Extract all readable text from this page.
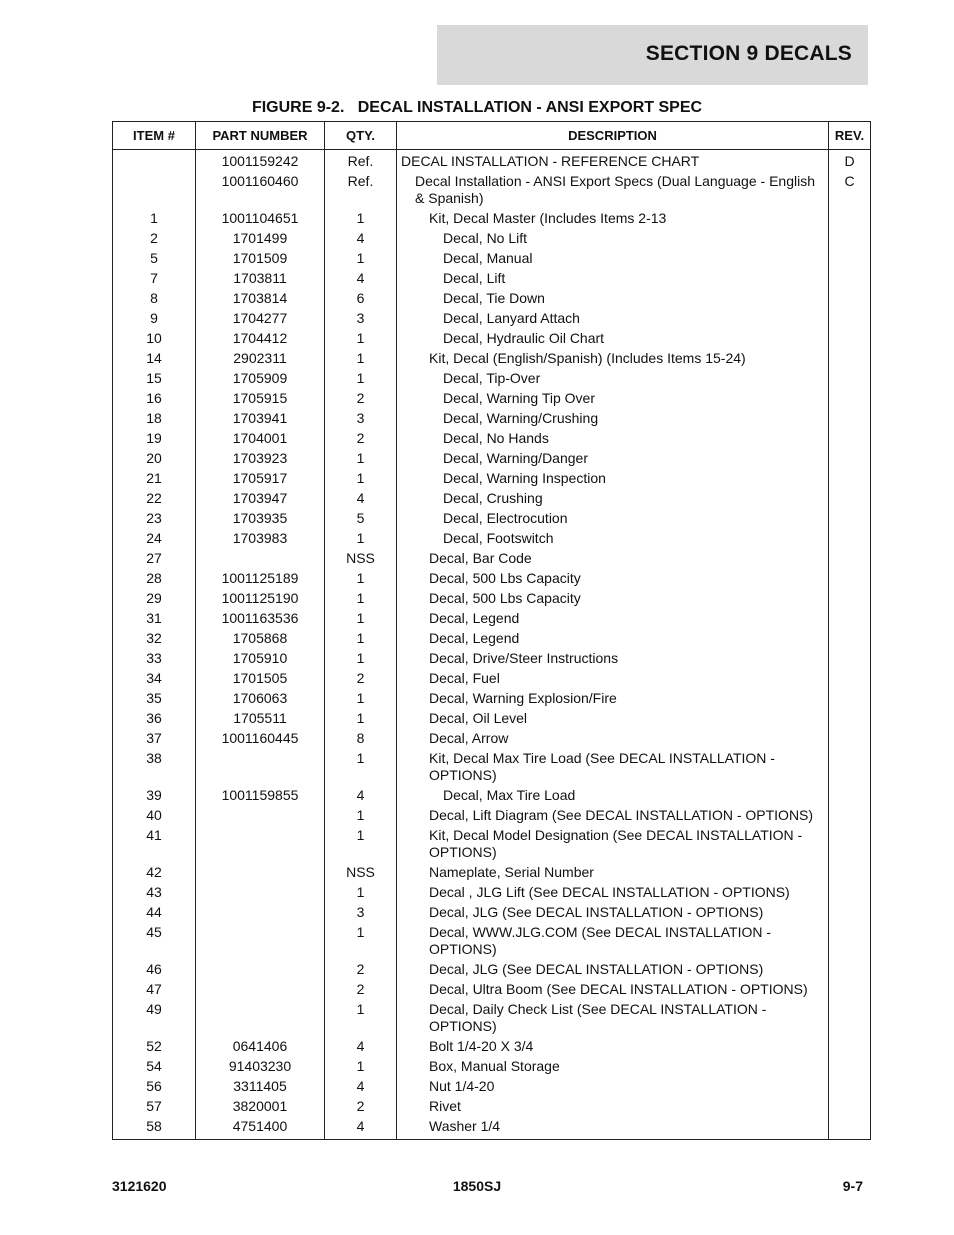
SECTION 9 DECALS
FIGURE 9-2.   DECAL INSTALLATION - ANSI EXPORT SPEC
ITEM #	PART NUMBER	QTY.	DESCRIPTION	REV.
	1001159242	Ref.	DECAL INSTALLATION - REFERENCE CHART	D
	1001160460	Ref.	Decal Installation - ANSI Export Specs (Dual Language - English & Spanish)	C
1	1001104651	1	Kit, Decal Master (Includes Items 2-13	
2	1701499	4	Decal, No Lift	
5	1701509	1	Decal, Manual	
7	1703811	4	Decal, Lift	
8	1703814	6	Decal, Tie Down	
9	1704277	3	Decal, Lanyard Attach	
10	1704412	1	Decal, Hydraulic Oil Chart	
14	2902311	1	Kit, Decal (English/Spanish) (Includes Items 15-24)	
15	1705909	1	Decal, Tip-Over	
16	1705915	2	Decal, Warning Tip Over	
18	1703941	3	Decal, Warning/Crushing	
19	1704001	2	Decal, No Hands	
20	1703923	1	Decal, Warning/Danger	
21	1705917	1	Decal, Warning Inspection	
22	1703947	4	Decal, Crushing	
23	1703935	5	Decal, Electrocution	
24	1703983	1	Decal, Footswitch	
27		NSS	Decal, Bar Code	
28	1001125189	1	Decal, 500 Lbs Capacity	
29	1001125190	1	Decal, 500 Lbs Capacity	
31	1001163536	1	Decal, Legend	
32	1705868	1	Decal, Legend	
33	1705910	1	Decal, Drive/Steer Instructions	
34	1701505	2	Decal, Fuel	
35	1706063	1	Decal, Warning Explosion/Fire	
36	1705511	1	Decal, Oil Level	
37	1001160445	8	Decal, Arrow	
38		1	Kit, Decal Max Tire Load (See DECAL INSTALLATION - OPTIONS)	
39	1001159855	4	Decal, Max Tire Load	
40		1	Decal, Lift Diagram (See DECAL INSTALLATION - OPTIONS)	
41		1	Kit, Decal Model Designation (See DECAL INSTALLATION - OPTIONS)	
42		NSS	Nameplate, Serial Number	
43		1	Decal , JLG Lift (See DECAL INSTALLATION - OPTIONS)	
44		3	Decal, JLG (See DECAL INSTALLATION - OPTIONS)	
45		1	Decal, WWW.JLG.COM (See DECAL INSTALLATION - OPTIONS)	
46		2	Decal, JLG (See DECAL INSTALLATION - OPTIONS)	
47		2	Decal, Ultra Boom (See DECAL INSTALLATION - OPTIONS)	
49		1	Decal, Daily Check List (See DECAL INSTALLATION - OPTIONS)	
52	0641406	4	Bolt 1/4-20 X 3/4	
54	91403230	1	Box, Manual Storage	
56	3311405	4	Nut 1/4-20	
57	3820001	2	Rivet	
58	4751400	4	Washer 1/4	
3121620	1850SJ	9-7
